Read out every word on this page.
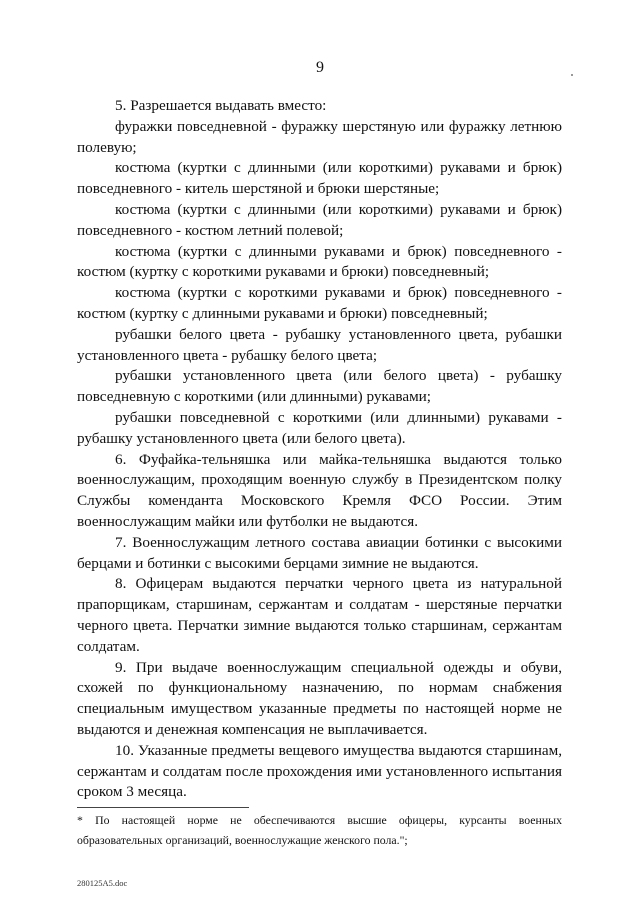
9

5. Разрешается выдавать вместо:

фуражки повседневной - фуражку шерстяную или фуражку летнюю
полевую;

костюма (куртки с длинными (или короткими) рукавами и брюк)
повседневного - китель шерстяной и брюки шерстяные;

костюма (куртки с длинными (или короткими) рукавами и брюк)
повседневного - костюм летний полевой;

костюма (куртки с длинными рукавами и брюк) повседневного -
костюм (куртку с короткими рукавами и брюки) повседневный;

костюма (куртки с короткими рукавами и брюк) повседневного -
костюм (куртку с длинными рукавами и брюки) повседневный;

рубашки белого цвета - рубашку установленного цвета, рубашки
установленного цвета - рубашку белого цвета;

рубашки установленного цвета (или белого цвета) - рубашку
повседневную с короткими (или длинными) рукавами;

рубашки повседневной с короткими (или длинными) рукавами -
рубашку установленного цвета (или белого цвета).

6. Фуфайка-тельняшка или майка-тельняшка выдаются только
военнослужащим, проходящим военную службу в Президентском полку
Службы коменданта Московского Кремля ФСО России. Этим
военнослужащим майки или футболки не выдаются.

7. Военнослужащим летного состава авиации ботинки с высокими
берцами и ботинки с высокими берцами зимние не выдаются.

8. Офицерам выдаются перчатки черного цвета из натуральной
прапорщикам, старшинам, сержантам и солдатам - шерстяные перчатки
черного цвета. Перчатки зимние выдаются только старшинам, сержантам
солдатам.

9. При выдаче военнослужащим специальной одежды и обуви,
схожей по функциональному назначению, по нормам снабжения
специальным имуществом указанные предметы по настоящей норме не
выдаются и денежная компенсация не выплачивается.

10. Указанные предметы вещевого имущества выдаются старшинам,
сержантам и солдатам после прохождения ими установленного испытания
сроком 3 месяца.

* По настоящей норме не обеспечиваются высшие офицеры, курсанты военных
образовательных организаций, военнослужащие женского пола.";
280125A5.doc
